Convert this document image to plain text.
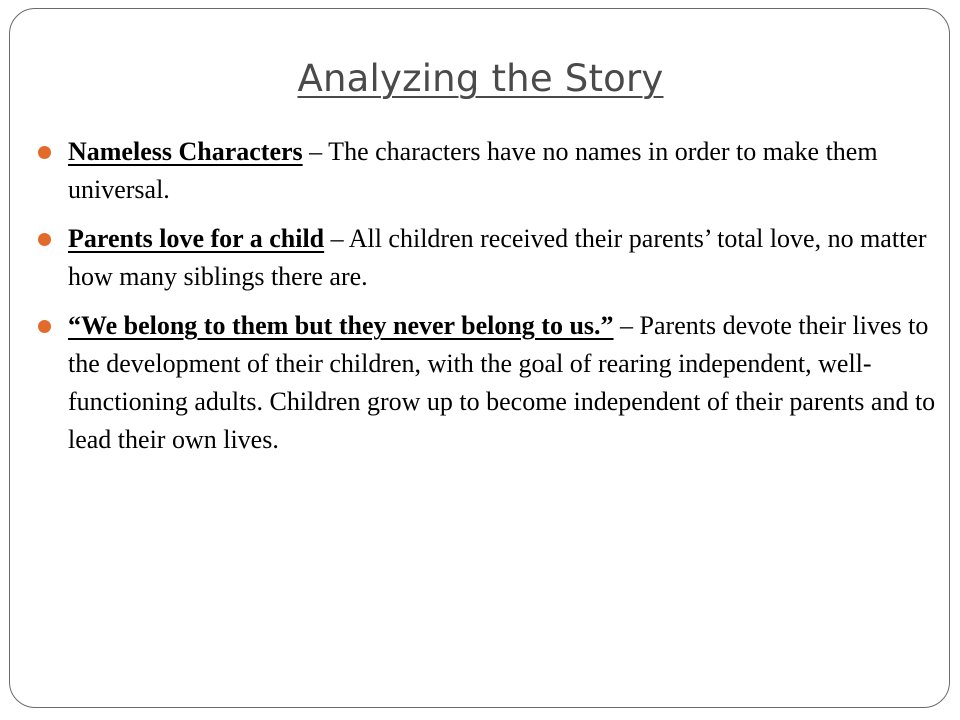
Analyzing the Story
Nameless Characters – The characters have no names in order to make them universal.
Parents love for a child – All children received their parents’ total love, no matter how many siblings there are.
“We belong to them but they never belong to us.” – Parents devote their lives to the development of their children, with the goal of rearing independent, well-functioning adults. Children grow up to become independent of their parents and to lead their own lives.
